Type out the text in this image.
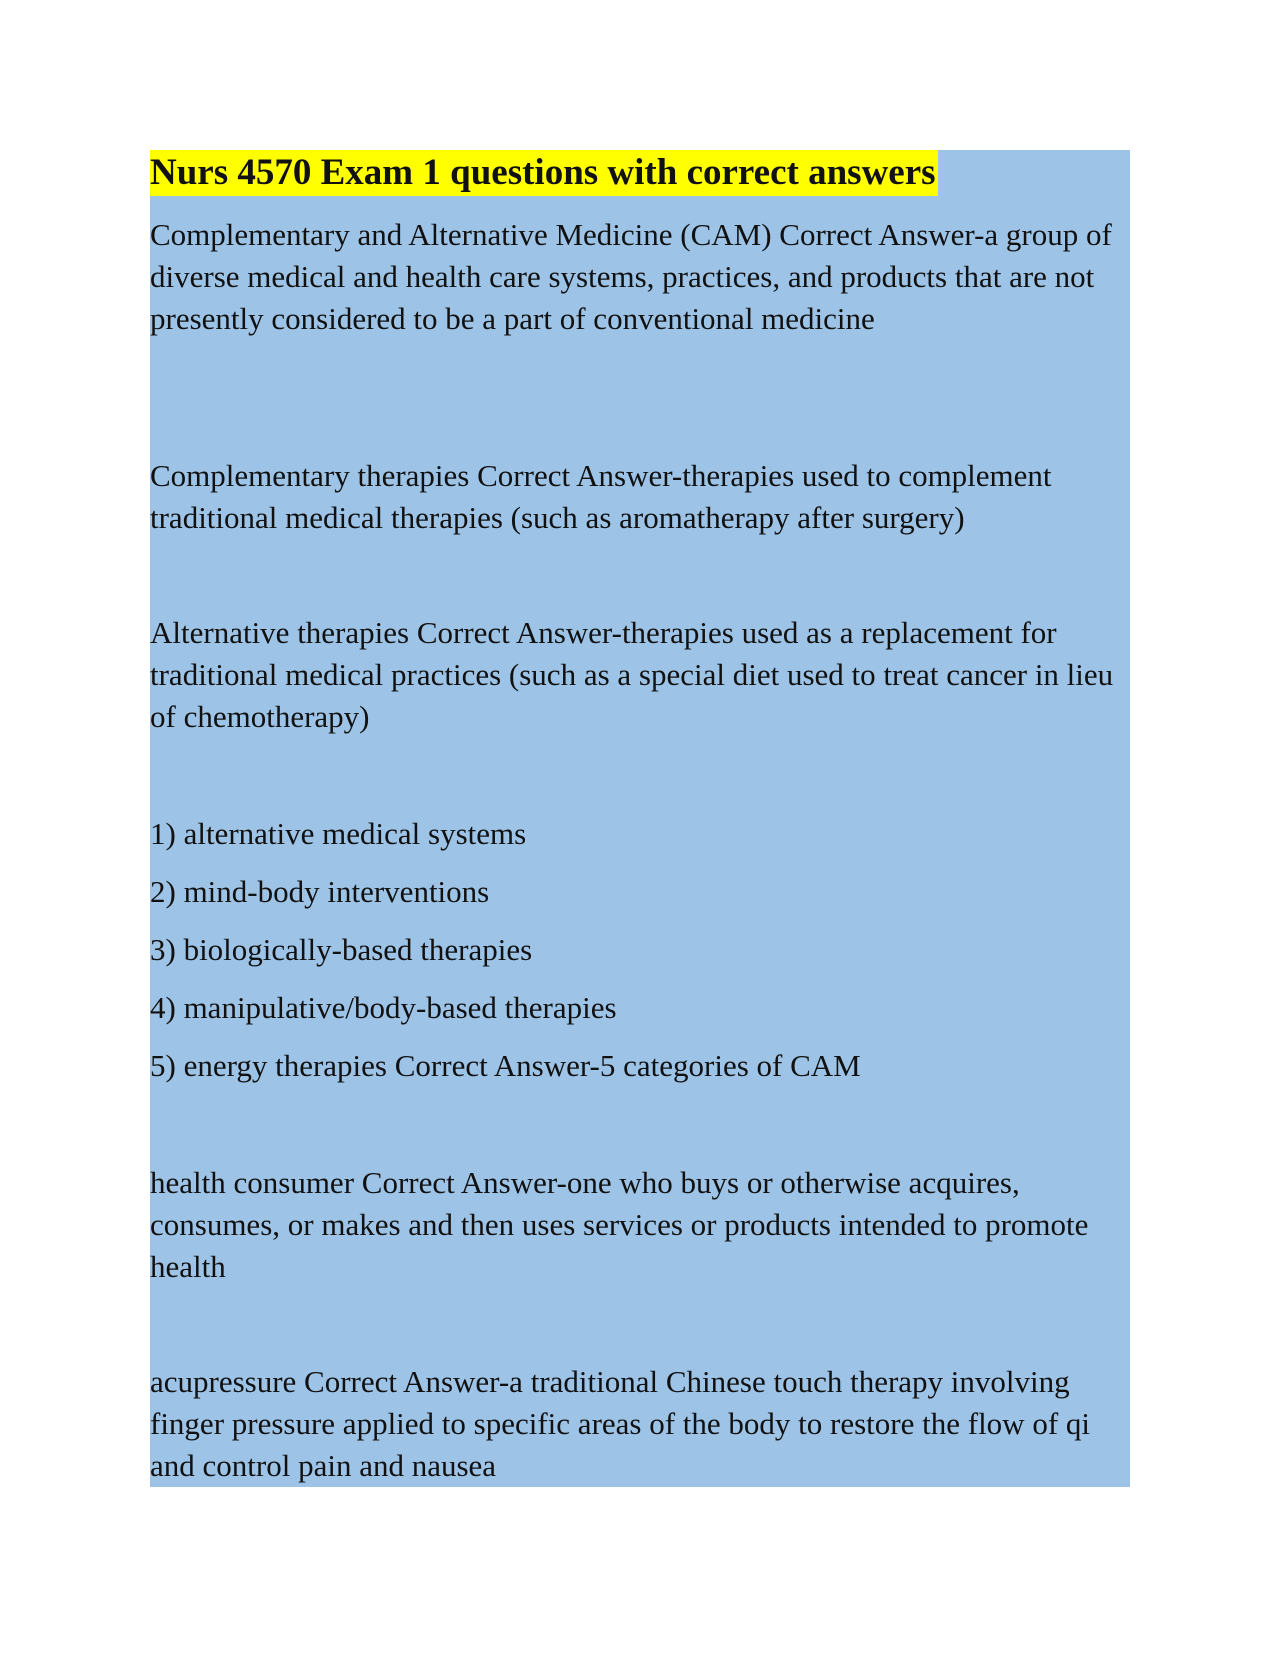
Nurs 4570 Exam 1 questions with correct answers

Complementary and Alternative Medicine (CAM) Correct Answer-a group of diverse medical and health care systems, practices, and products that are not presently considered to be a part of conventional medicine

Complementary therapies Correct Answer-therapies used to complement traditional medical therapies (such as aromatherapy after surgery)

Alternative therapies Correct Answer-therapies used as a replacement for traditional medical practices (such as a special diet used to treat cancer in lieu of chemotherapy)

1) alternative medical systems

2) mind-body interventions

3) biologically-based therapies

4) manipulative/body-based therapies

5) energy therapies Correct Answer-5 categories of CAM

health consumer Correct Answer-one who buys or otherwise acquires, consumes, or makes and then uses services or products intended to promote health

acupressure Correct Answer-a traditional Chinese touch therapy involving finger pressure applied to specific areas of the body to restore the flow of qi and control pain and nausea
